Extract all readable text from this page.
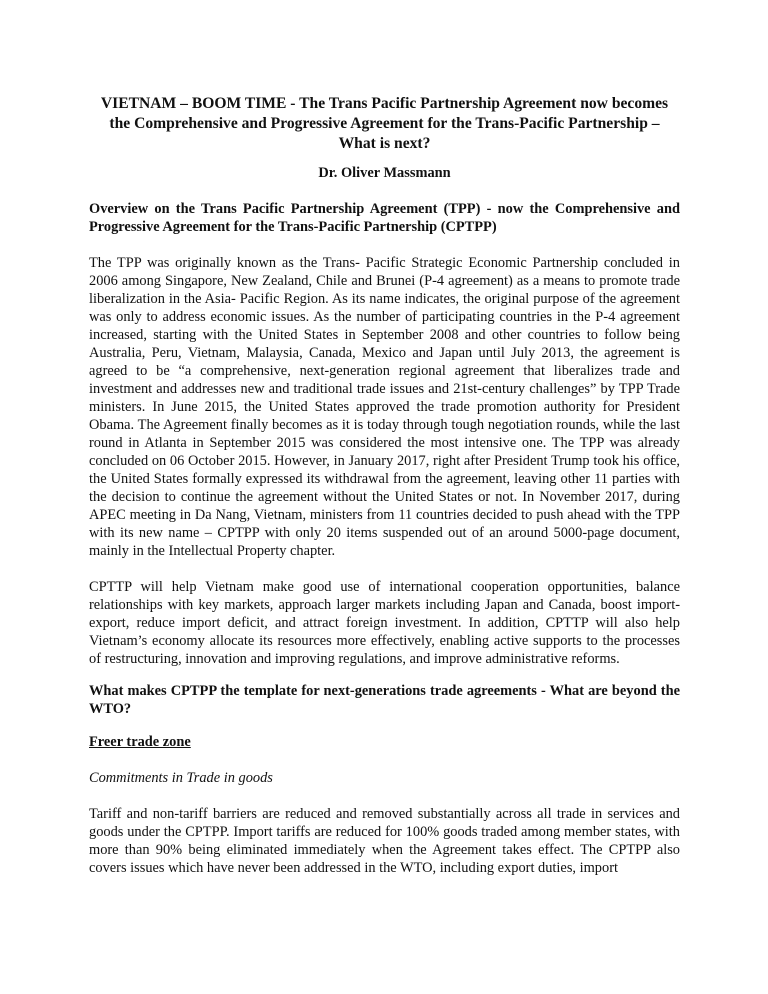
VIETNAM – BOOM TIME - The Trans Pacific Partnership Agreement now becomes the Comprehensive and Progressive Agreement for the Trans-Pacific Partnership – What is next?

Dr. Oliver Massmann

Overview on the Trans Pacific Partnership Agreement (TPP) - now the Comprehensive and Progressive Agreement for the Trans-Pacific Partnership (CPTPP)

The TPP was originally known as the Trans- Pacific Strategic Economic Partnership concluded in 2006 among Singapore, New Zealand, Chile and Brunei (P-4 agreement) as a means to promote trade liberalization in the Asia- Pacific Region. As its name indicates, the original purpose of the agreement was only to address economic issues. As the number of participating countries in the P-4 agreement increased, starting with the United States in September 2008 and other countries to follow being Australia, Peru, Vietnam, Malaysia, Canada, Mexico and Japan until July 2013, the agreement is agreed to be “a comprehensive, next-generation regional agreement that liberalizes trade and investment and addresses new and traditional trade issues and 21st-century challenges” by TPP Trade ministers. In June 2015, the United States approved the trade promotion authority for President Obama. The Agreement finally becomes as it is today through tough negotiation rounds, while the last round in Atlanta in September 2015 was considered the most intensive one. The TPP was already concluded on 06 October 2015. However, in January 2017, right after President Trump took his office, the United States formally expressed its withdrawal from the agreement, leaving other 11 parties with the decision to continue the agreement without the United States or not. In November 2017, during APEC meeting in Da Nang, Vietnam, ministers from 11 countries decided to push ahead with the TPP with its new name – CPTPP with only 20 items suspended out of an around 5000-page document, mainly in the Intellectual Property chapter.

CPTTP will help Vietnam make good use of international cooperation opportunities, balance relationships with key markets, approach larger markets including Japan and Canada, boost import-export, reduce import deficit, and attract foreign investment. In addition, CPTTP will also help Vietnam’s economy allocate its resources more effectively, enabling active supports to the processes of restructuring, innovation and improving regulations, and improve administrative reforms.

What makes CPTPP the template for next-generations trade agreements - What are beyond the WTO?

Freer trade zone

Commitments in Trade in goods

Tariff and non-tariff barriers are reduced and removed substantially across all trade in services and goods under the CPTPP. Import tariffs are reduced for 100% goods traded among member states, with more than 90% being eliminated immediately when the Agreement takes effect. The CPTPP also covers issues which have never been addressed in the WTO, including export duties, import
